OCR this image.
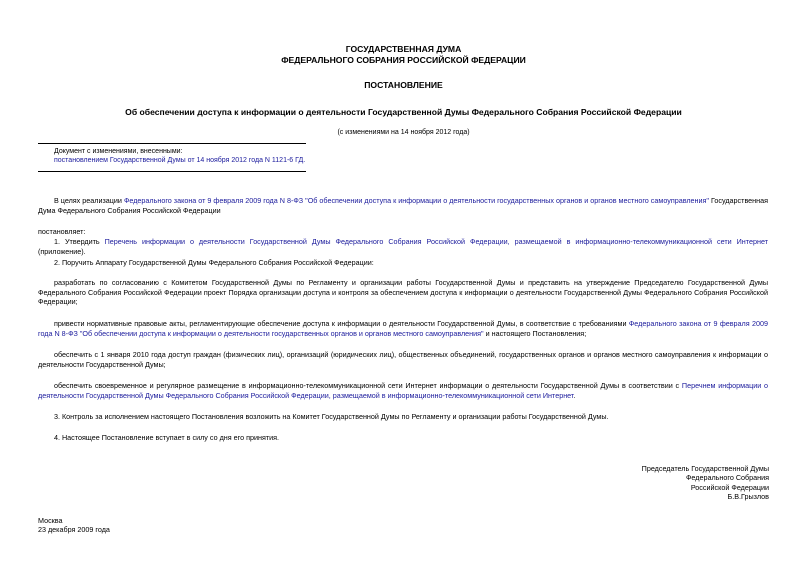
ГОСУДАРСТВЕННАЯ ДУМА
ФЕДЕРАЛЬНОГО СОБРАНИЯ РОССИЙСКОЙ ФЕДЕРАЦИИ
ПОСТАНОВЛЕНИЕ
Об обеспечении доступа к информации о деятельности Государственной Думы Федерального Собрания Российской Федерации
(с изменениями на 14 ноября 2012 года)
Документ с изменениями, внесенными:
постановлением Государственной Думы от 14 ноября 2012 года N 1121-6 ГД.
В целях реализации Федерального закона от 9 февраля 2009 года N 8-ФЗ "Об обеспечении доступа к информации о деятельности государственных органов и органов местного самоуправления" Государственная Дума Федерального Собрания Российской Федерации
постановляет:
1. Утвердить Перечень информации о деятельности Государственной Думы Федерального Собрания Российской Федерации, размещаемой в информационно-телекоммуникационной сети Интернет (приложение).
2. Поручить Аппарату Государственной Думы Федерального Собрания Российской Федерации:
разработать по согласованию с Комитетом Государственной Думы по Регламенту и организации работы Государственной Думы и представить на утверждение Председателю Государственной Думы Федерального Собрания Российской Федерации проект Порядка организации доступа и контроля за обеспечением доступа к информации о деятельности Государственной Думы Федерального Собрания Российской Федерации;
привести нормативные правовые акты, регламентирующие обеспечение доступа к информации о деятельности Государственной Думы, в соответствие с требованиями Федерального закона от 9 февраля 2009 года N 8-ФЗ "Об обеспечении доступа к информации о деятельности государственных органов и органов местного самоуправления" и настоящего Постановления;
обеспечить с 1 января 2010 года доступ граждан (физических лиц), организаций (юридических лиц), общественных объединений, государственных органов и органов местного самоуправления к информации о деятельности Государственной Думы;
обеспечить своевременное и регулярное размещение в информационно-телекоммуникационной сети Интернет информации о деятельности Государственной Думы в соответствии с Перечнем информации о деятельности Государственной Думы Федерального Собрания Российской Федерации, размещаемой в информационно-телекоммуникационной сети Интернет.
3. Контроль за исполнением настоящего Постановления возложить на Комитет Государственной Думы по Регламенту и организации работы Государственной Думы.
4. Настоящее Постановление вступает в силу со дня его принятия.
Председатель Государственной Думы
Федерального Собрания
Российской Федерации
Б.В.Грызлов
Москва
23 декабря 2009 года
